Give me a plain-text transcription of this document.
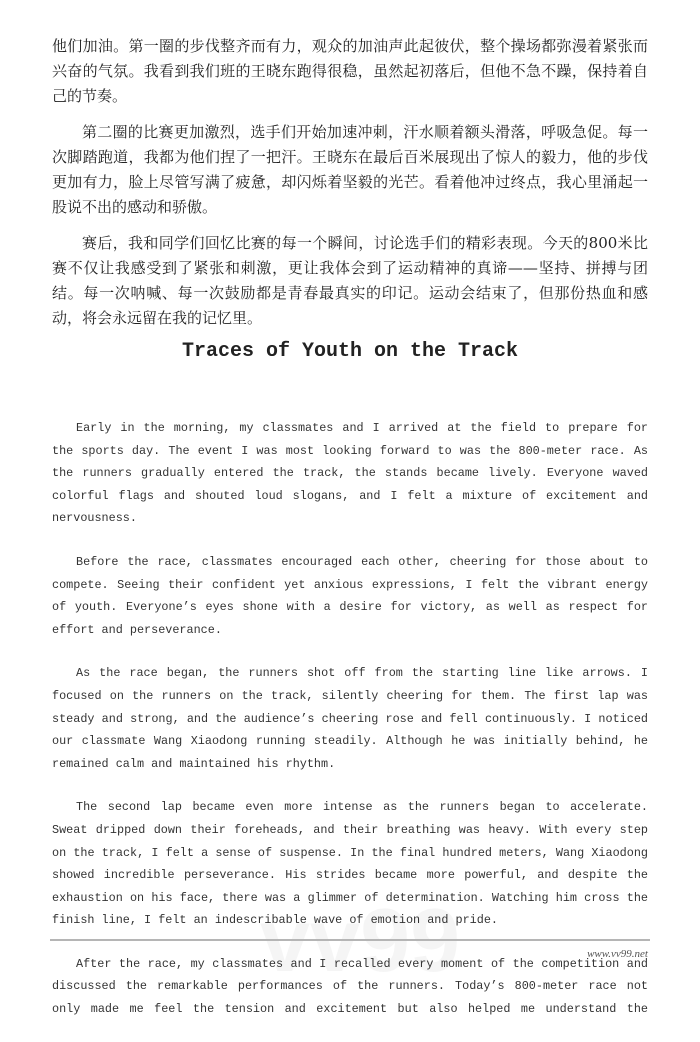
他们加油。第一圈的步伐整齐而有力，观众的加油声此起彼伏，整个操场都弥漫着紧张而兴奋的气氛。我看到我们班的王晓东跑得很稳，虽然起初落后，但他不急不躁，保持着自己的节奏。

第二圈的比赛更加激烈，选手们开始加速冲刺，汗水顺着额头滑落，呼吸急促。每一次脚踏跑道，我都为他们捏了一把汗。王晓东在最后百米展现出了惊人的毅力，他的步伐更加有力，脸上尽管写满了疲惫，却闪烁着坚毅的光芒。看着他冲过终点，我心里涌起一股说不出的感动和骄傲。

赛后，我和同学们回忆比赛的每一个瞬间，讨论选手们的精彩表现。今天的800米比赛不仅让我感受到了紧张和刺激，更让我体会到了运动精神的真谛——坚持、拼搏与团结。每一次呐喊、每一次鼓励都是青春最真实的印记。运动会结束了，但那份热血和感动，将会永远留在我的记忆里。

Traces of Youth on the Track

Early in the morning, my classmates and I arrived at the field to prepare for the sports day. The event I was most looking forward to was the 800-meter race. As the runners gradually entered the track, the stands became lively. Everyone waved colorful flags and shouted loud slogans, and I felt a mixture of excitement and nervousness.

Before the race, classmates encouraged each other, cheering for those about to compete. Seeing their confident yet anxious expressions, I felt the vibrant energy of youth. Everyone’s eyes shone with a desire for victory, as well as respect for effort and perseverance.

As the race began, the runners shot off from the starting line like arrows. I focused on the runners on the track, silently cheering for them. The first lap was steady and strong, and the audience’s cheering rose and fell continuously. I noticed our classmate Wang Xiaodong running steadily. Although he was initially behind, he remained calm and maintained his rhythm.

The second lap became even more intense as the runners began to accelerate. Sweat dripped down their foreheads, and their breathing was heavy. With every step on the track, I felt a sense of suspense. In the final hundred meters, Wang Xiaodong showed incredible perseverance. His strides became more powerful, and despite the exhaustion on his face, there was a glimmer of determination. Watching him cross the finish line, I felt an indescribable wave of emotion and pride.

After the race, my classmates and I recalled every moment of the competition and discussed the remarkable performances of the runners. Today’s 800-meter race not only made me feel the tension and excitement but also helped me understand the

www.vv99.net
